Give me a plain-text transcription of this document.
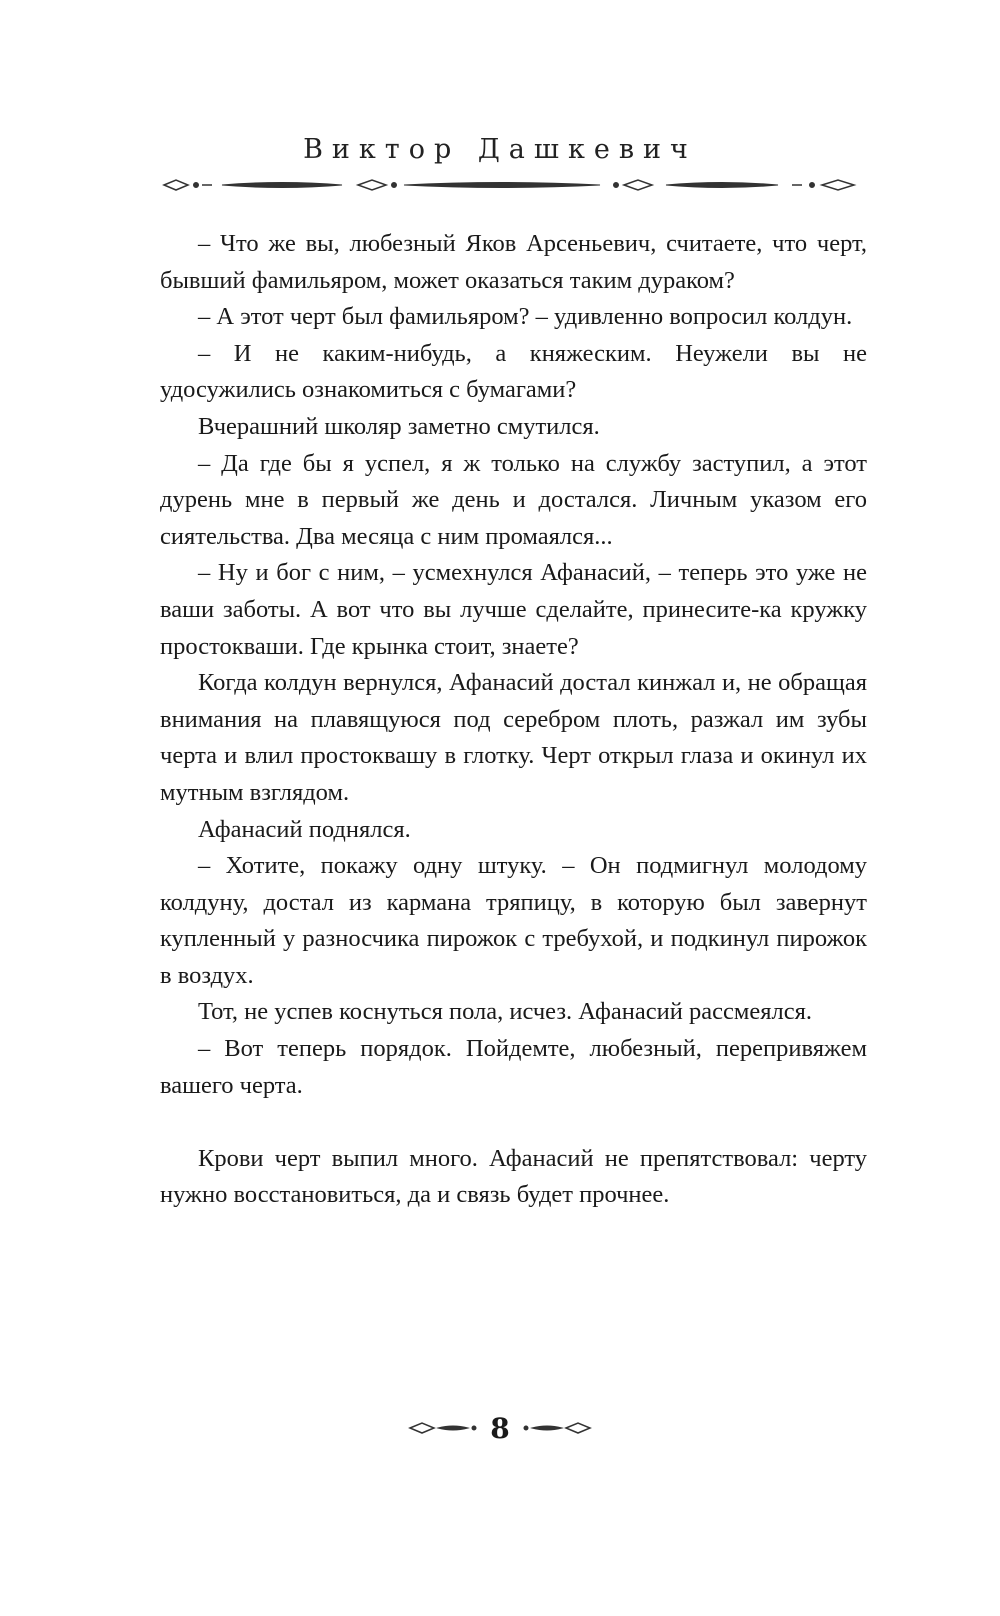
Виктор Дашкевич

– Что же вы, любезный Яков Арсеньевич, считаете, что черт, бывший фамильяром, может оказаться таким дураком?

– А этот черт был фамильяром? – удивленно вопросил колдун.

– И не каким-нибудь, а княжеским. Неужели вы не удосужились ознакомиться с бумагами?

Вчерашний школяр заметно смутился.

– Да где бы я успел, я ж только на службу заступил, а этот дурень мне в первый же день и достался. Личным указом его сиятельства. Два месяца с ним промаялся...

– Ну и бог с ним, – усмехнулся Афанасий, – теперь это уже не ваши заботы. А вот что вы лучше сделайте, принесите-ка кружку простокваши. Где крынка стоит, знаете?

Когда колдун вернулся, Афанасий достал кинжал и, не обращая внимания на плавящуюся под серебром плоть, разжал им зубы черта и влил простоквашу в глотку. Черт открыл глаза и окинул их мутным взглядом.

Афанасий поднялся.

– Хотите, покажу одну штуку. – Он подмигнул молодому колдуну, достал из кармана тряпицу, в которую был завернут купленный у разносчика пирожок с требухой, и подкинул пирожок в воздух.

Тот, не успев коснуться пола, исчез. Афанасий рассмеялся.

– Вот теперь порядок. Пойдемте, любезный, перепривяжем вашего черта.

Крови черт выпил много. Афанасий не препятствовал: черту нужно восстановиться, да и связь будет прочнее.

8
